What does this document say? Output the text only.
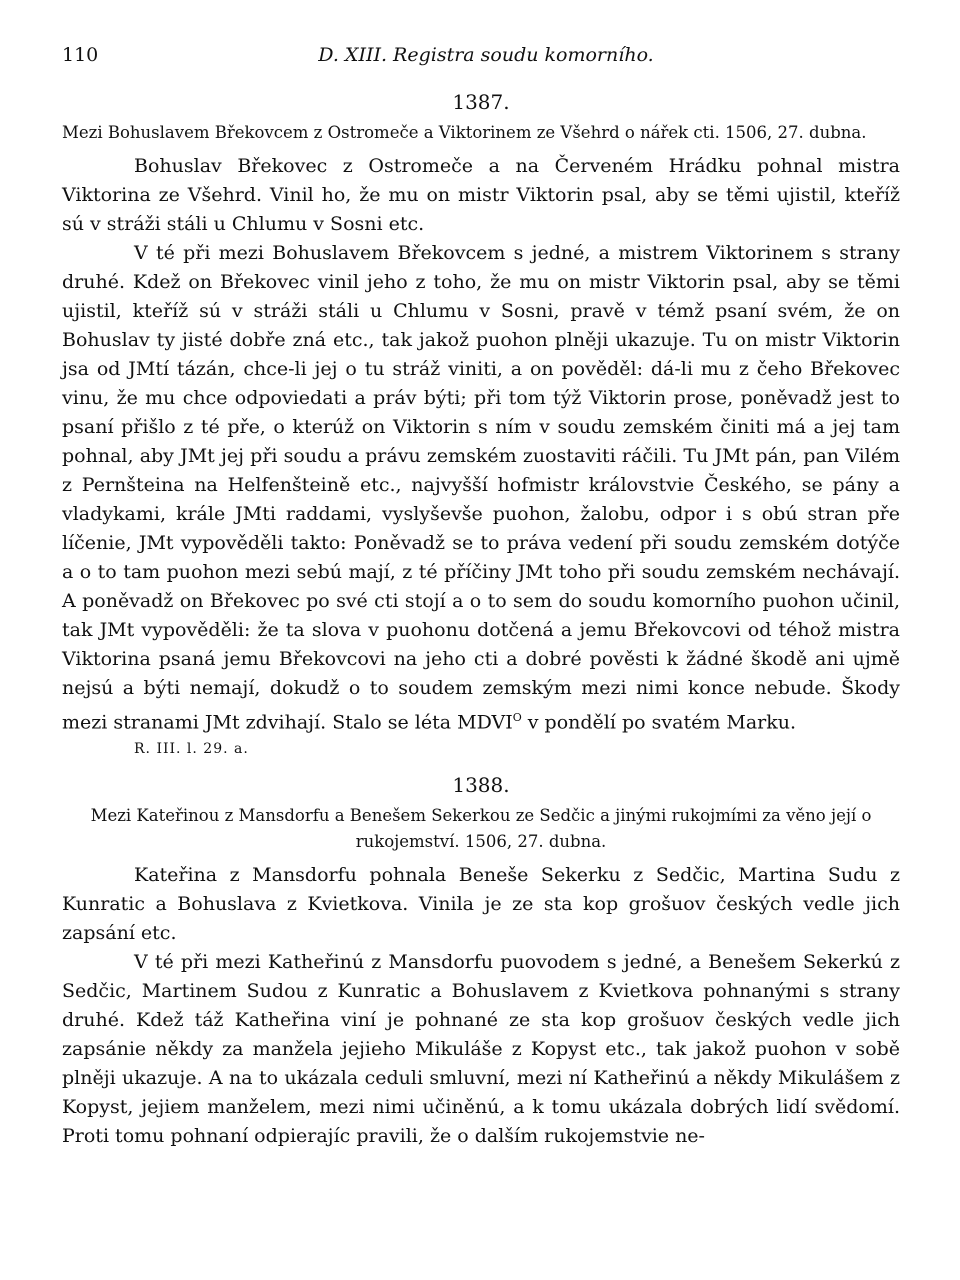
110	D. XIII. Registra soudu komorního.
1387.
Mezi Bohuslavem Břekovcem z Ostromeče a Viktorinem ze Všehrd o nářek cti. 1506, 27. dubna.

Bohuslav Břekovec z Ostromeče a na Červeném Hrádku pohnal mistra Viktorina ze Všehrd. Vinil ho, že mu on mistr Viktorin psal, aby se těmi ujistil, kteříž sú v stráži stáli u Chlumu v Sosni etc.

V té při mezi Bohuslavem Břekovcem s jedné, a mistrem Viktorinem s strany druhé. Kdež on Břekovec vinil jeho z toho, že mu on mistr Viktorin psal, aby se těmi ujistil, kteříž sú v stráži stáli u Chlumu v Sosni, pravě v témž psaní svém, že on Bohuslav ty jisté dobře zná etc., tak jakož puohon plněji ukazuje. Tu on mistr Viktorin jsa od JMtí tázán, chce-li jej o tu stráž viniti, a on pověděl: dá-li mu z čeho Břekovec vinu, že mu chce odpoviedati a práv býti; při tom týž Viktorin prose, poněvadž jest to psaní přišlo z té pře, o kterúž on Viktorin s ním v soudu zemském činiti má a jej tam pohnal, aby JMt jej při soudu a právu zemském zuostaviti ráčili. Tu JMt pán, pan Vilém z Pernšteina na Helfenšteině etc., najvyšší hofmistr královstvie Českého, se pány a vladykami, krále JMti raddami, vyslyševše puohon, žalobu, odpor i s obú stran pře líčenie, JMt vypověděli takto: Poněvadž se to práva vedení při soudu zemském dotýče a o to tam puohon mezi sebú mají, z té příčiny JMt toho při soudu zemském nechávají. A poněvadž on Břekovec po své cti stojí a o to sem do soudu komorního puohon učinil, tak JMt vypověděli: že ta slova v puohonu dotčená a jemu Břekovcovi od téhož mistra Viktorina psaná jemu Břekovcovi na jeho cti a dobré pověsti k žádné škodě ani ujmě nejsú a býti nemají, dokudž o to soudem zemským mezi nimi konce nebude. Škody mezi stranami JMt zdvihají. Stalo se léta $MDVI^O$ v pondělí po svatém Marku.

R. III. l. 29. a.
1388.
Mezi Kateřinou z Mansdorfu a Benešem Sekerkou ze Sedčic a jinými rukojmími za věno její o rukojemství. 1506, 27. dubna.

Kateřina z Mansdorfu pohnala Beneše Sekerku z Sedčic, Martina Sudu z Kunratic a Bohuslava z Kvietkova. Vinila je ze sta kop grošuov českých vedle jich zapsání etc.

V té při mezi Katheřinú z Mansdorfu puovodem s jedné, a Benešem Sekerkú z Sedčic, Martinem Sudou z Kunratic a Bohuslavem z Kvietkova pohnanými s strany druhé. Kdež táž Katheřina viní je pohnané ze sta kop grošuov českých vedle jich zapsánie někdy za manžela jejieho Mikuláše z Kopyst etc., tak jakož puohon v sobě plněji ukazuje. A na to ukázala ceduli smluvní, mezi ní Katheřinú a někdy Mikulášem z Kopyst, jejiem manželem, mezi nimi učiněnú, a k tomu ukázala dobrých lidí svědomí. Proti tomu pohnaní odpierajíc pravili, že o dalším rukojemstvie ne-
